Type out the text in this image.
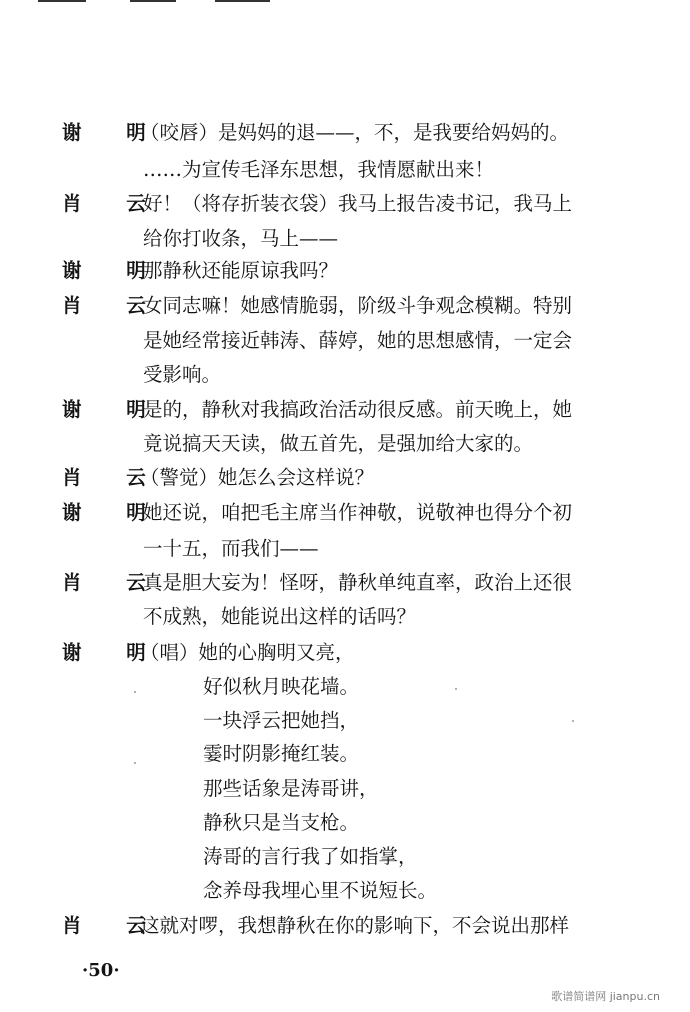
谢 明
（咬唇）是妈妈的退——，不，是我要给妈妈的。
……为宣传毛泽东思想，我情愿献出来！
肖 云
好！（将存折装衣袋）我马上报告凌书记，我马上
给你打收条，马上——
谢 明
那静秋还能原谅我吗？
肖 云
女同志嘛！她感情脆弱，阶级斗争观念模糊。特别
是她经常接近韩涛、薛婷，她的思想感情，一定会
受影响。
谢 明
是的，静秋对我搞政治活动很反感。前天晚上，她
竟说搞天天读，做五首先，是强加给大家的。
肖 云
（警觉）她怎么会这样说？
谢 明
她还说，咱把毛主席当作神敬，说敬神也得分个初
一十五，而我们——
肖 云
真是胆大妄为！怪呀，静秋单纯直率，政治上还很
不成熟，她能说出这样的话吗？
谢 明
（唱）她的心胸明又亮，
好似秋月映花墙。
一块浮云把她挡，
霎时阴影掩红装。
那些话象是涛哥讲，
静秋只是当支枪。
涛哥的言行我了如指掌，
念养母我埋心里不说短长。
肖 云
这就对啰，我想静秋在你的影响下，不会说出那样
·50·
歌谱简谱网 jianpu.cn
